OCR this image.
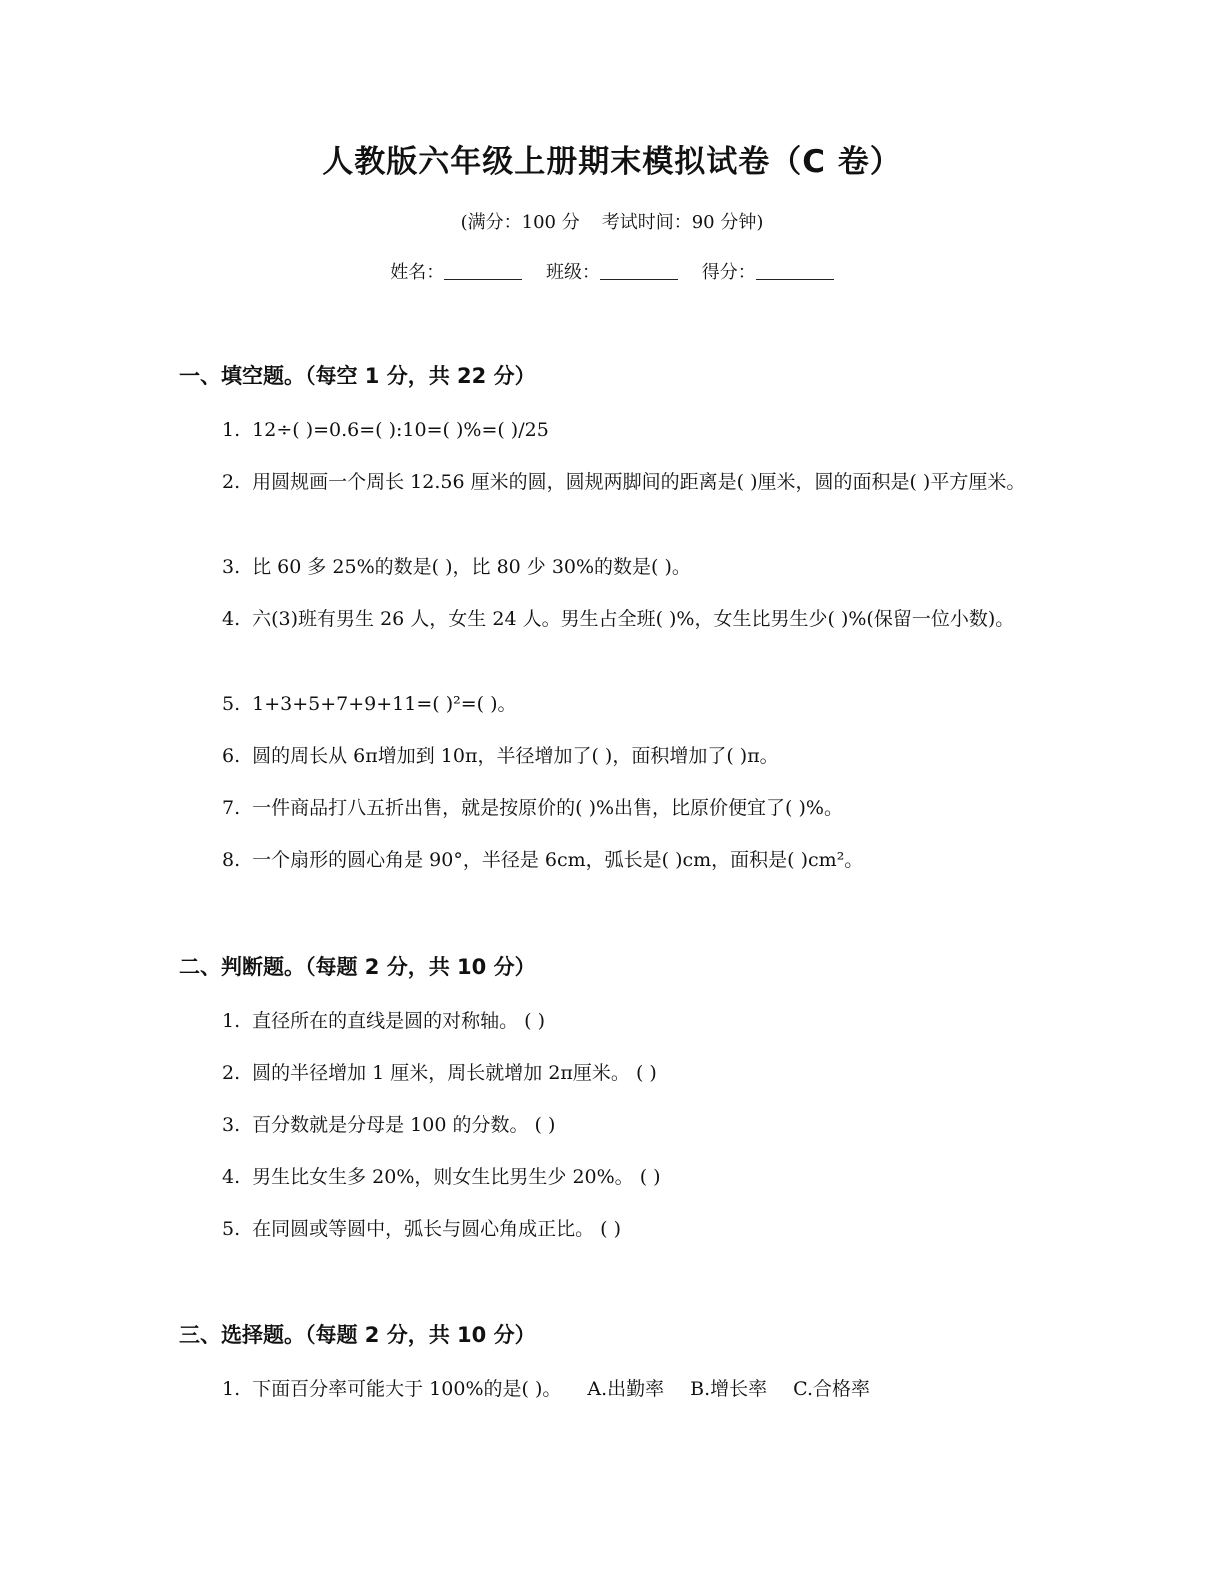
人教版六年级上册期末模拟试卷（C 卷）
(满分：100 分 考试时间：90 分钟)
姓名：	班级：	得分：
一、填空题。（每空 1 分，共 22 分）
1. 12÷( )=0.6=( ):10=( )%=( )/25
2. 用圆规画一个周长 12.56 厘米的圆，圆规两脚间的距离是( )厘米，圆的面积是( )平方厘米。
3. 比 60 多 25%的数是( )，比 80 少 30%的数是( )。
4. 六(3)班有男生 26 人，女生 24 人。男生占全班( )%，女生比男生少( )%(保留一位小数)。
5. 1+3+5+7+9+11=( )²=( )。
6. 圆的周长从 6π增加到 10π，半径增加了( )，面积增加了( )π。
7. 一件商品打八五折出售，就是按原价的( )%出售，比原价便宜了( )%。
8. 一个扇形的圆心角是 90°，半径是 6cm，弧长是( )cm，面积是( )cm²。
二、判断题。（每题 2 分，共 10 分）
1. 直径所在的直线是圆的对称轴。 ( )
2. 圆的半径增加 1 厘米，周长就增加 2π厘米。 ( )
3. 百分数就是分母是 100 的分数。 ( )
4. 男生比女生多 20%，则女生比男生少 20%。 ( )
5. 在同圆或等圆中，弧长与圆心角成正比。 ( )
三、选择题。（每题 2 分，共 10 分）
1. 下面百分率可能大于 100%的是( )。 A.出勤率 B.增长率 C.合格率
